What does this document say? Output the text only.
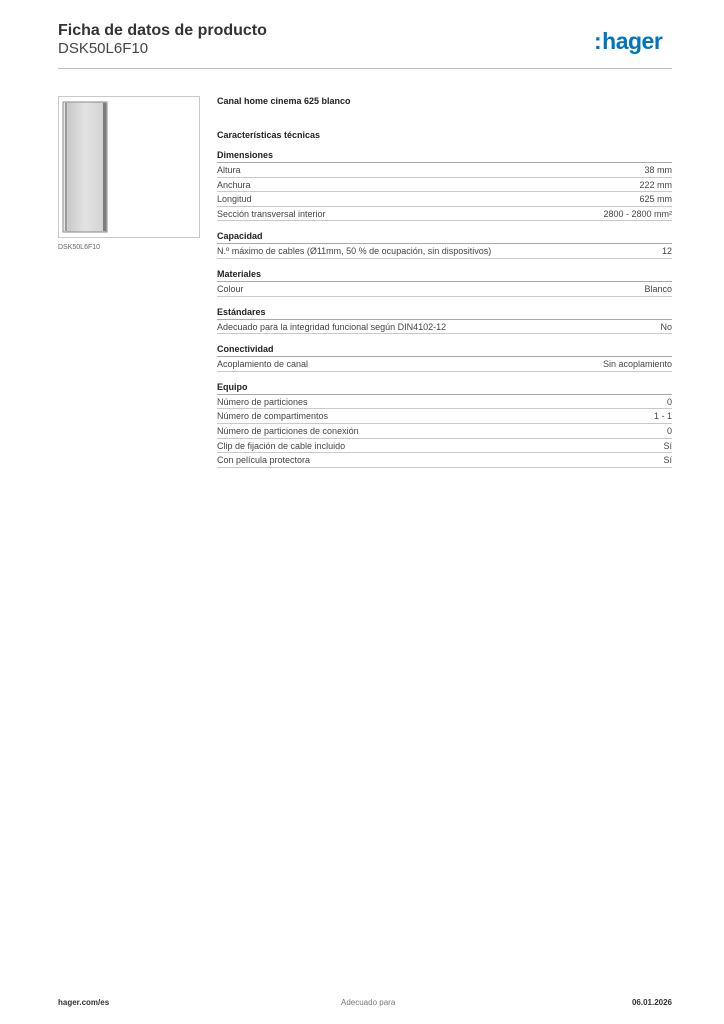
Ficha de datos de producto
DSK50L6F10	:hager
DSK50L6F10
Canal home cinema 625 blanco
Características técnicas
Dimensiones
Altura	38 mm
Anchura	222 mm
Longitud	625 mm
Sección transversal interior	2800 - 2800 mm²
Capacidad
N.º máximo de cables (Ø11mm, 50 % de ocupación, sin dispositivos)	12
Materiales
Colour	Blanco
Estándares
Adecuado para la integridad funcional según DIN4102-12	No
Conectividad
Acoplamiento de canal	Sin acoplamiento
Equipo
Número de particiones	0
Número de compartimentos	1 - 1
Número de particiones de conexión	0
Clip de fijación de cable incluido	Sí
Con película protectora	Sí
hager.com/es	Adecuado para	06.01.2026
